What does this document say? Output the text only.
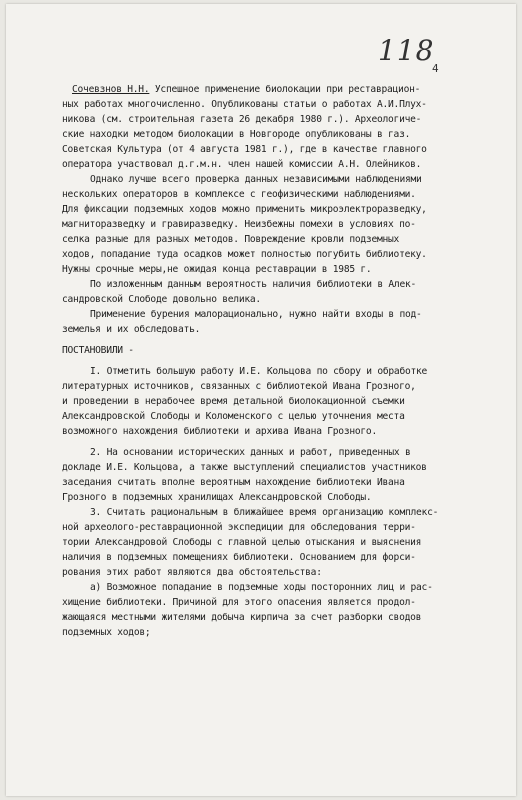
118
4
Сочевзнов Н.Н. Успешное применение биолокации при реставрацион-
ных работах многочисленно. Опубликованы статьи о работах А.И.Плух-
никова (см. строительная газета 26 декабря 1980 г.). Археологиче-
ские находки методом биолокации в Новгороде опубликованы в газ.
Советская Культура (от 4 августа 1981 г.), где в качестве главного
оператора участвовал д.г.м.н. член нашей комиссии А.Н. Олейников.
Однако лучше всего проверка данных независимыми наблюдениями
нескольких операторов в комплексе с геофизическими наблюдениями.
Для фиксации подземных ходов можно применить микроэлектроразведку,
магниторазведку и гравиразведку. Неизбежны помехи в условиях по-
селка разные для разных методов. Повреждение кровли подземных
ходов, попадание туда осадков может полностью погубить библиотеку.
Нужны срочные меры,не ожидая конца реставрации в 1985 г.
По изложенным данным вероятность наличия библиотеки в Алек-
сандровской Слободе довольно велика.
Применение бурения малорационально, нужно найти входы в под-
земелья и их обследовать.
ПОСТАНОВИЛИ -
I. Отметить большую работу И.Е. Кольцова по сбору и обработке
литературных источников, связанных с библиотекой Ивана Грозного,
и проведении в нерабочее время детальной биолокационной съемки
Александровской Слободы и Коломенского с целью уточнения места
возможного нахождения библиотеки и архива Ивана Грозного.
2. На основании исторических данных и работ, приведенных в
докладе И.Е. Кольцова, а также выступлений специалистов участников
заседания считать вполне вероятным нахождение библиотеки Ивана
Грозного в подземных хранилищах Александровской Слободы.
3. Считать рациональным в ближайшее время организацию комплекс-
ной археолого-реставрационной экспедиции для обследования терри-
тории Александровой Слободы с главной целью отыскания и выяснения
наличия в подземных помещениях библиотеки. Основанием для форси-
рования этих работ являются два обстоятельства:
а) Возможное попадание в подземные ходы посторонних лиц и рас-
хищение библиотеки. Причиной для этого опасения является продол-
жающаяся местными жителями добыча кирпича за счет разборки сводов
подземных ходов;
